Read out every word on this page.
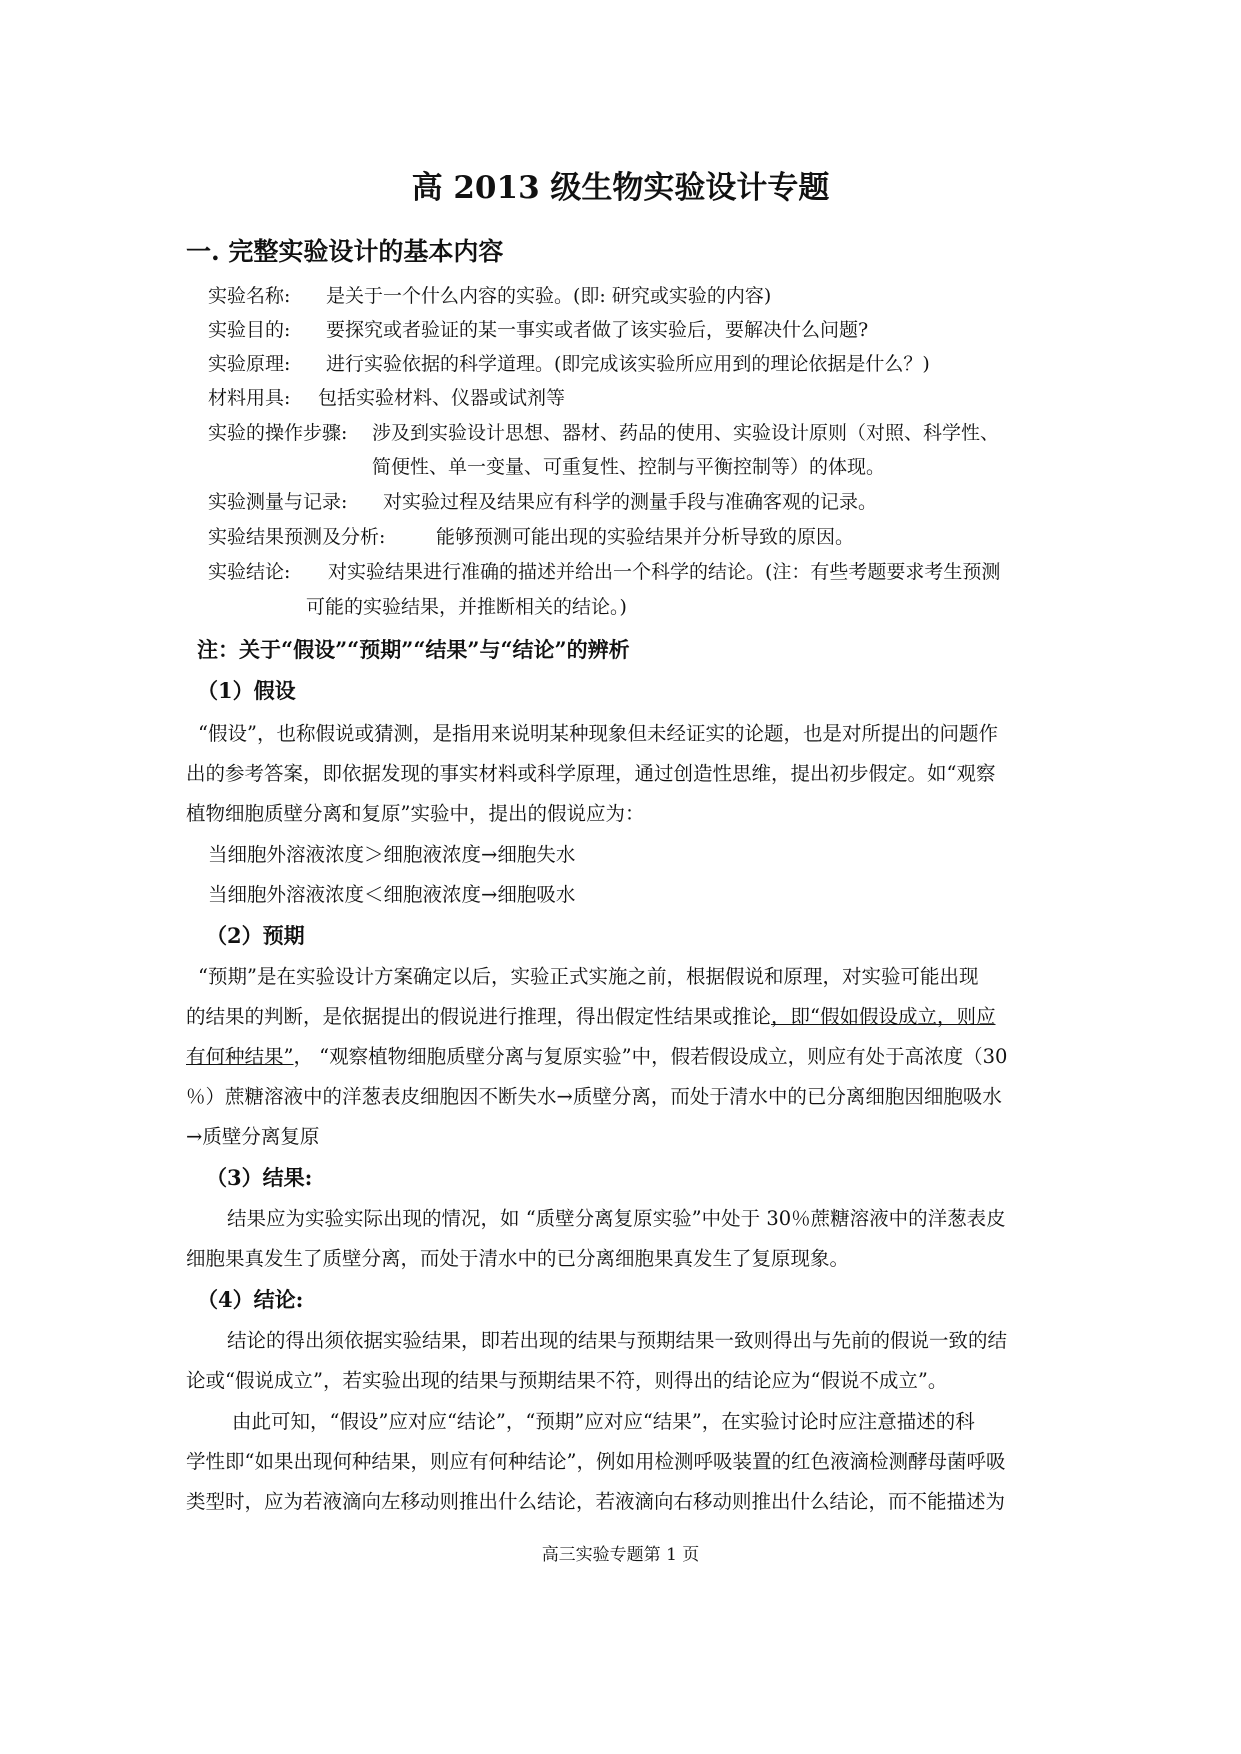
高 2013 级生物实验设计专题
一. 完整实验设计的基本内容
实验名称: 是关于一个什么内容的实验。(即: 研究或实验的内容)
实验目的: 要探究或者验证的某一事实或者做了该实验后，要解决什么问题?
实验原理: 进行实验依据的科学道理。(即完成该实验所应用到的理论依据是什么？)
材料用具: 包括实验材料、仪器或试剂等
实验的操作步骤: 涉及到实验设计思想、器材、药品的使用、实验设计原则（对照、科学性、
简便性、单一变量、可重复性、控制与平衡控制等）的体现。
实验测量与记录: 对实验过程及结果应有科学的测量手段与准确客观的记录。
实验结果预测及分析:	能够预测可能出现的实验结果并分析导致的原因。
实验结论: 对实验结果进行准确的描述并给出一个科学的结论。(注：有些考题要求考生预测
可能的实验结果，并推断相关的结论。)
注：关于“假设”“预期”“结果”与“结论”的辨析
（1）假设
“假设”，也称假说或猜测，是指用来说明某种现象但未经证实的论题，也是对所提出的问题作
出的参考答案，即依据发现的事实材料或科学原理，通过创造性思维，提出初步假定。如“观察
植物细胞质壁分离和复原”实验中，提出的假说应为：
当细胞外溶液浓度＞细胞液浓度→细胞失水
当细胞外溶液浓度＜细胞液浓度→细胞吸水
（2）预期
“预期”是在实验设计方案确定以后，实验正式实施之前，根据假说和原理，对实验可能出现
的结果的判断，是依据提出的假说进行推理，得出假定性结果或推论，即“假如假设成立，则应
有何种结果”， “观察植物细胞质壁分离与复原实验”中，假若假设成立，则应有处于高浓度（30
％）蔗糖溶液中的洋葱表皮细胞因不断失水→质壁分离，而处于清水中的已分离细胞因细胞吸水
→质壁分离复原
（3）结果:
结果应为实验实际出现的情况，如 “质壁分离复原实验”中处于 30％蔗糖溶液中的洋葱表皮
细胞果真发生了质壁分离，而处于清水中的已分离细胞果真发生了复原现象。
（4）结论:
结论的得出须依据实验结果，即若出现的结果与预期结果一致则得出与先前的假说一致的结
论或“假说成立”，若实验出现的结果与预期结果不符，则得出的结论应为“假说不成立”。
由此可知，“假设”应对应“结论”，“预期”应对应“结果”，在实验讨论时应注意描述的科
学性即“如果出现何种结果，则应有何种结论”，例如用检测呼吸装置的红色液滴检测酵母菌呼吸
类型时，应为若液滴向左移动则推出什么结论，若液滴向右移动则推出什么结论，而不能描述为
高三实验专题第 1 页
